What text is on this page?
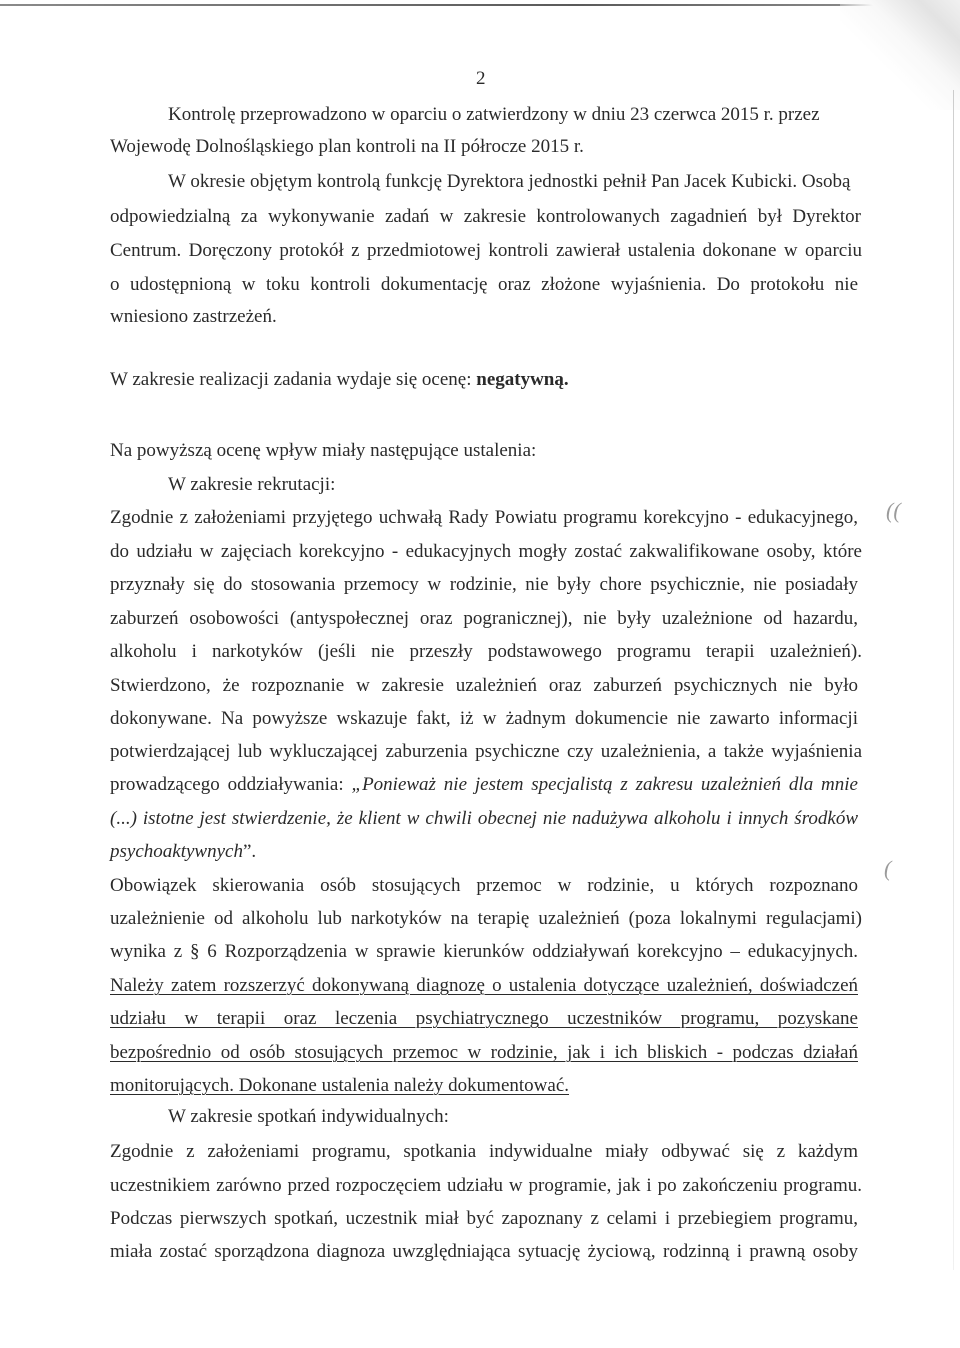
2
Kontrolę przeprowadzono w oparciu o zatwierdzony w dniu 23 czerwca 2015 r. przez
Wojewodę Dolnośląskiego plan kontroli na II półrocze 2015 r.
W okresie objętym kontrolą funkcję Dyrektora jednostki pełnił Pan Jacek Kubicki. Osobą
odpowiedzialną za wykonywanie zadań w zakresie kontrolowanych zagadnień był Dyrektor
Centrum. Doręczony protokół z przedmiotowej kontroli zawierał ustalenia dokonane w oparciu
o udostępnioną w toku kontroli dokumentację oraz złożone wyjaśnienia. Do protokołu nie
wniesiono zastrzeżeń.
W zakresie realizacji zadania wydaje się ocenę: negatywną.
Na powyższą ocenę wpływ miały następujące ustalenia:
W zakresie rekrutacji:
Zgodnie z założeniami przyjętego uchwałą Rady Powiatu programu korekcyjno - edukacyjnego,
do udziału w zajęciach korekcyjno - edukacyjnych mogły zostać zakwalifikowane osoby, które
przyznały się do stosowania przemocy w rodzinie, nie były chore psychicznie, nie posiadały
zaburzeń osobowości (antyspołecznej oraz pogranicznej), nie były uzależnione od hazardu,
alkoholu i narkotyków (jeśli nie przeszły podstawowego programu terapii uzależnień).
Stwierdzono, że rozpoznanie w zakresie uzależnień oraz zaburzeń psychicznych nie było
dokonywane. Na powyższe wskazuje fakt, iż w żadnym dokumencie nie zawarto informacji
potwierdzającej lub wykluczającej zaburzenia psychiczne czy uzależnienia, a także wyjaśnienia
prowadzącego oddziaływania: „Ponieważ nie jestem specjalistą z zakresu uzależnień dla mnie
(...) istotne jest stwierdzenie, że klient w chwili obecnej nie nadużywa alkoholu i innych środków
psychoaktywnych”.
Obowiązek skierowania osób stosujących przemoc w rodzinie, u których rozpoznano
uzależnienie od alkoholu lub narkotyków na terapię uzależnień (poza lokalnymi regulacjami)
wynika z § 6 Rozporządzenia w sprawie kierunków oddziaływań korekcyjno – edukacyjnych.
Należy zatem rozszerzyć dokonywaną diagnozę o ustalenia dotyczące uzależnień, doświadczeń
udziału w terapii oraz leczenia psychiatrycznego uczestników programu, pozyskane
bezpośrednio od osób stosujących przemoc w rodzinie, jak i ich bliskich - podczas działań
monitorujących. Dokonane ustalenia należy dokumentować.
W zakresie spotkań indywidualnych:
Zgodnie z założeniami programu, spotkania indywidualne miały odbywać się z każdym
uczestnikiem zarówno przed rozpoczęciem udziału w programie, jak i po zakończeniu programu.
Podczas pierwszych spotkań, uczestnik miał być zapoznany z celami i przebiegiem programu,
miała zostać sporządzona diagnoza uwzględniająca sytuację życiową, rodzinną i prawną osoby
((
(
